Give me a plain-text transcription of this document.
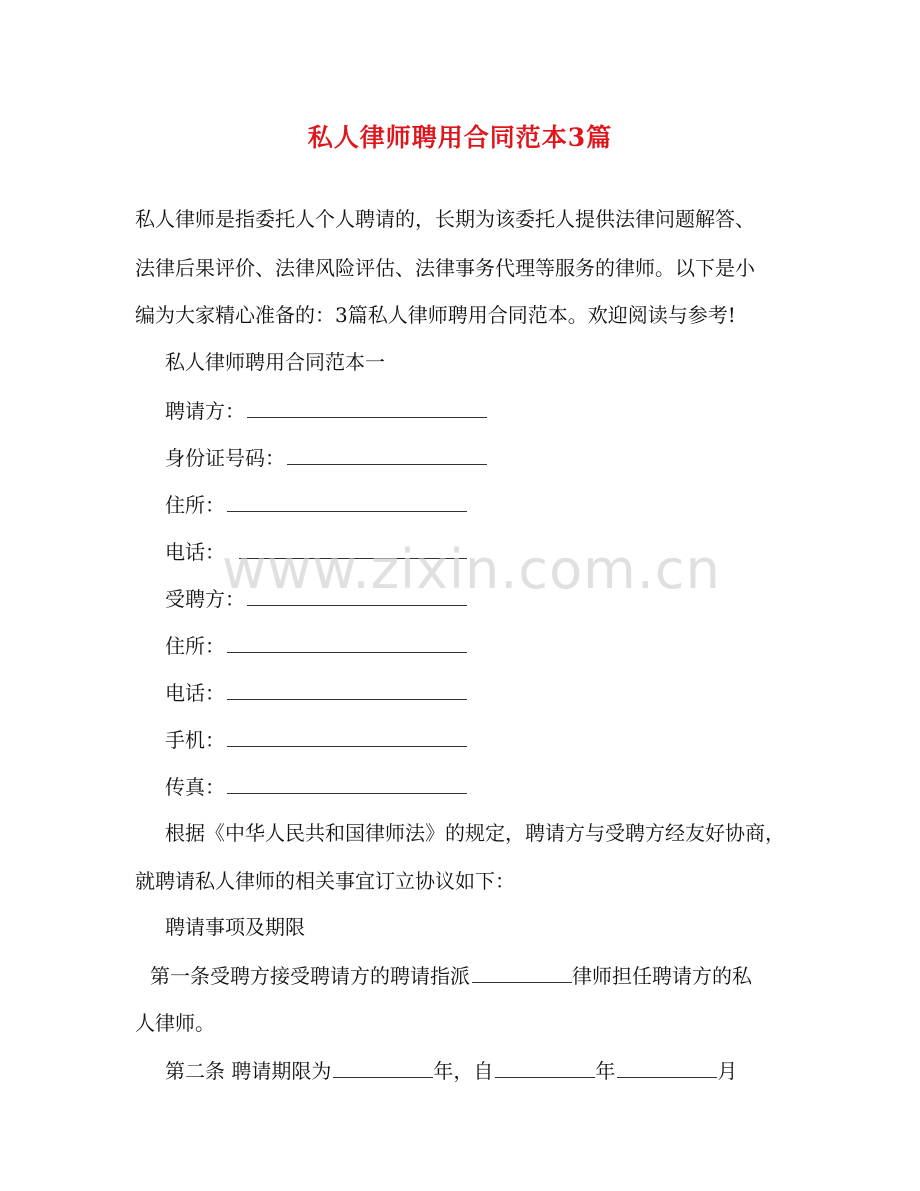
私人律师聘用合同范本3篇
私人律师是指委托人个人聘请的，长期为该委托人提供法律问题解答、
法律后果评价、法律风险评估、法律事务代理等服务的律师。以下是小
编为大家精心准备的：3篇私人律师聘用合同范本。欢迎阅读与参考!
私人律师聘用合同范本一
聘请方：
身份证号码：
住所：
电话：
受聘方：
住所：
电话：
手机：
传真：
根据《中华人民共和国律师法》的规定，聘请方与受聘方经友好协商，
就聘请私人律师的相关事宜订立协议如下：
聘请事项及期限
第一条受聘方接受聘请方的聘请指派	律师担任聘请方的私
人律师。
第二条 聘请期限为	年，自	年	月
www.zixin.com.cn
